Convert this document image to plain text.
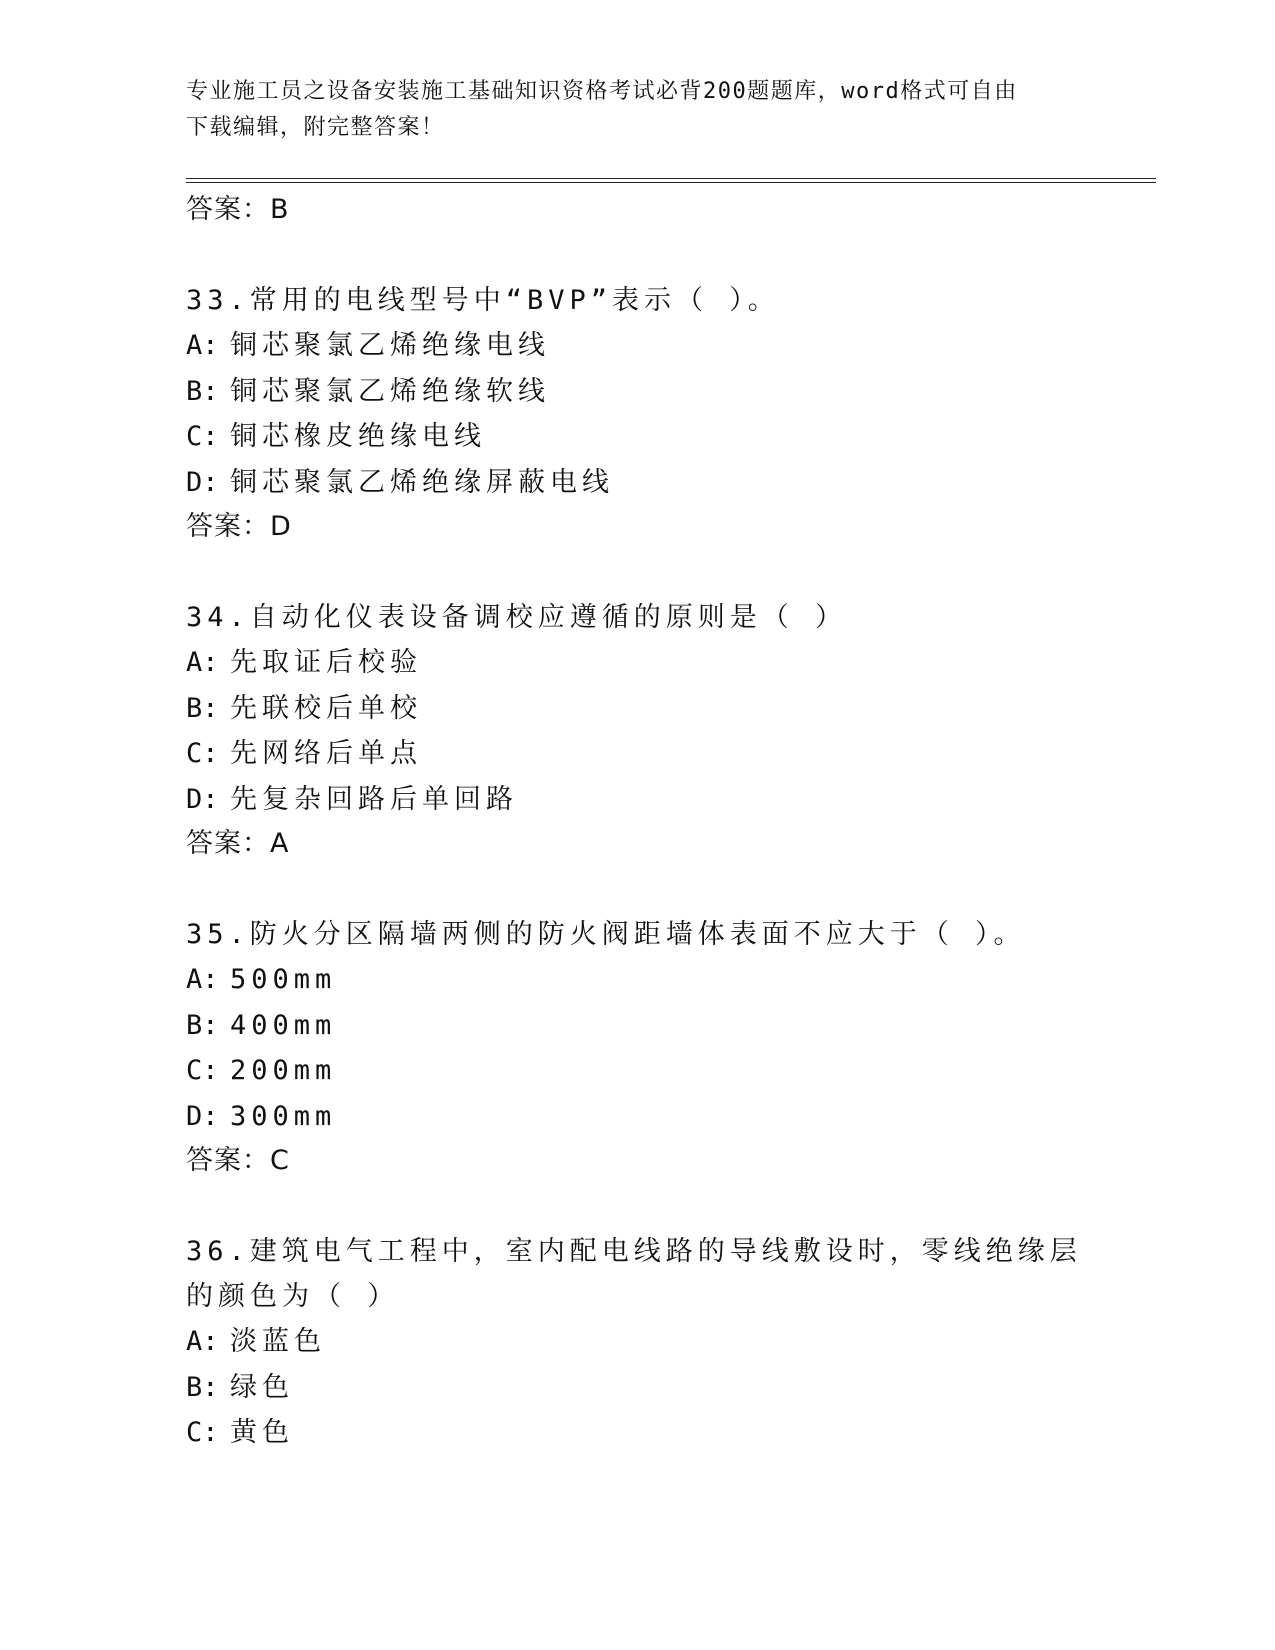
专业施工员之设备安装施工基础知识资格考试必背200题题库，word格式可自由
下载编辑，附完整答案！
答案：B
33.常用的电线型号中“BVP”表示（ ）。
A: 铜芯聚氯乙烯绝缘电线
B: 铜芯聚氯乙烯绝缘软线
C: 铜芯橡皮绝缘电线
D: 铜芯聚氯乙烯绝缘屏蔽电线
答案：D
34.自动化仪表设备调校应遵循的原则是（ ）
A: 先取证后校验
B: 先联校后单校
C: 先网络后单点
D: 先复杂回路后单回路
答案：A
35.防火分区隔墙两侧的防火阀距墙体表面不应大于（ ）。
A: 500mm
B: 400mm
C: 200mm
D: 300mm
答案：C
36.建筑电气工程中，室内配电线路的导线敷设时，零线绝缘层的颜色为（ ）
A: 淡蓝色
B: 绿色
C: 黄色
